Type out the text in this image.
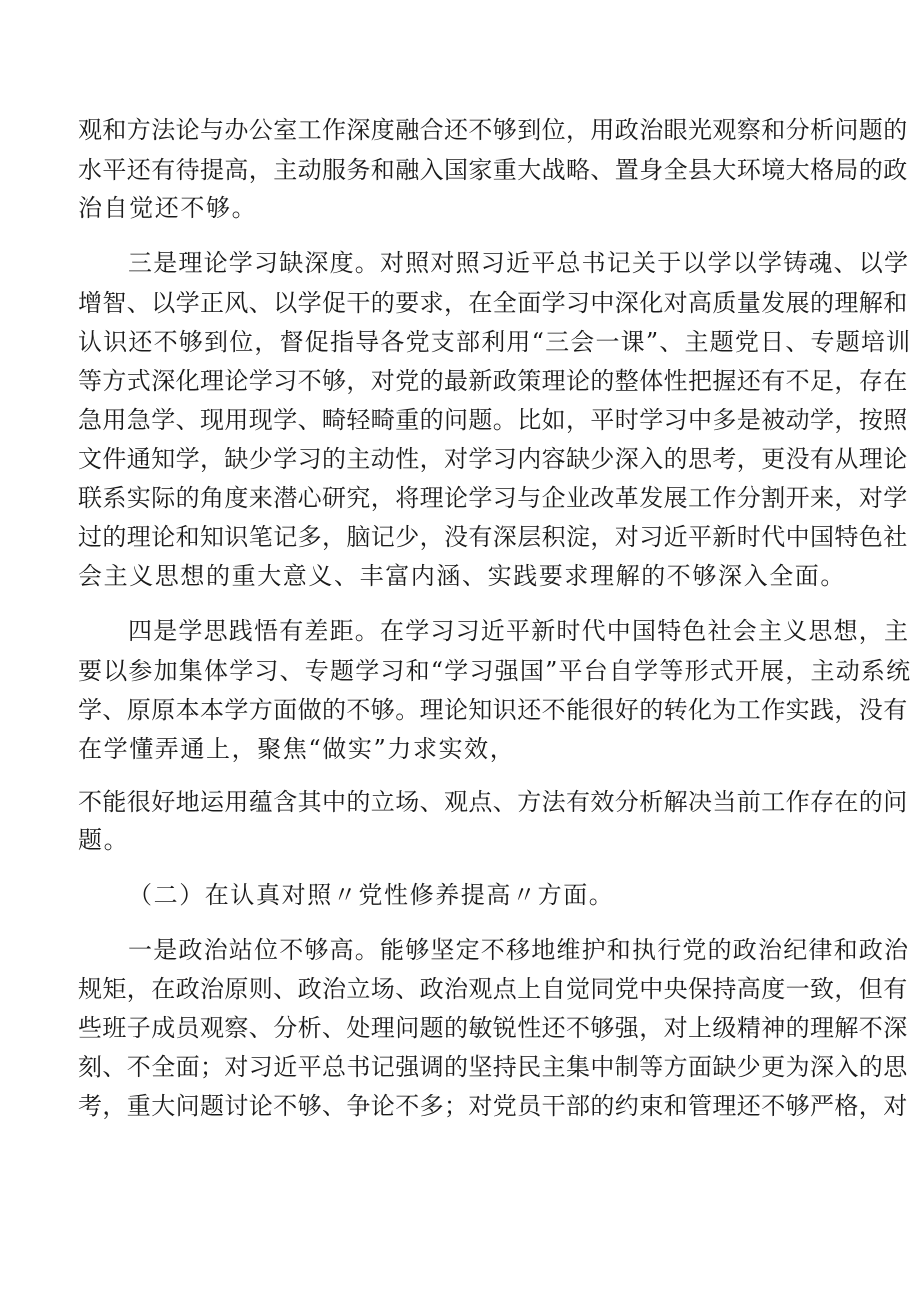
观和方法论与办公室工作深度融合还不够到位，用政治眼光观察和分析问题的
水平还有待提高，主动服务和融入国家重大战略、置身全县大环境大格局的政
治自觉还不够。
三是理论学习缺深度。对照对照习近平总书记关于以学以学铸魂、以学
增智、以学正风、以学促干的要求，在全面学习中深化对高质量发展的理解和
认识还不够到位，督促指导各党支部利用“三会一课”、主题党日、专题培训
等方式深化理论学习不够，对党的最新政策理论的整体性把握还有不足，存在
急用急学、现用现学、畸轻畸重的问题。比如，平时学习中多是被动学，按照
文件通知学，缺少学习的主动性，对学习内容缺少深入的思考，更没有从理论
联系实际的角度来潜心研究，将理论学习与企业改革发展工作分割开来，对学
过的理论和知识笔记多，脑记少，没有深层积淀，对习近平新时代中国特色社
会主义思想的重大意义、丰富内涵、实践要求理解的不够深入全面。
四是学思践悟有差距。在学习习近平新时代中国特色社会主义思想，主
要以参加集体学习、专题学习和“学习强国”平台自学等形式开展，主动系统
学、原原本本学方面做的不够。理论知识还不能很好的转化为工作实践，没有
在学懂弄通上，聚焦“做实”力求实效，
不能很好地运用蕴含其中的立场、观点、方法有效分析解决当前工作存在的问
题。
（二）在认真对照〃党性修养提高〃方面。
一是政治站位不够高。能够坚定不移地维护和执行党的政治纪律和政治
规矩，在政治原则、政治立场、政治观点上自觉同党中央保持高度一致，但有
些班子成员观察、分析、处理问题的敏锐性还不够强，对上级精神的理解不深
刻、不全面；对习近平总书记强调的坚持民主集中制等方面缺少更为深入的思
考，重大问题讨论不够、争论不多；对党员干部的约束和管理还不够严格，对
